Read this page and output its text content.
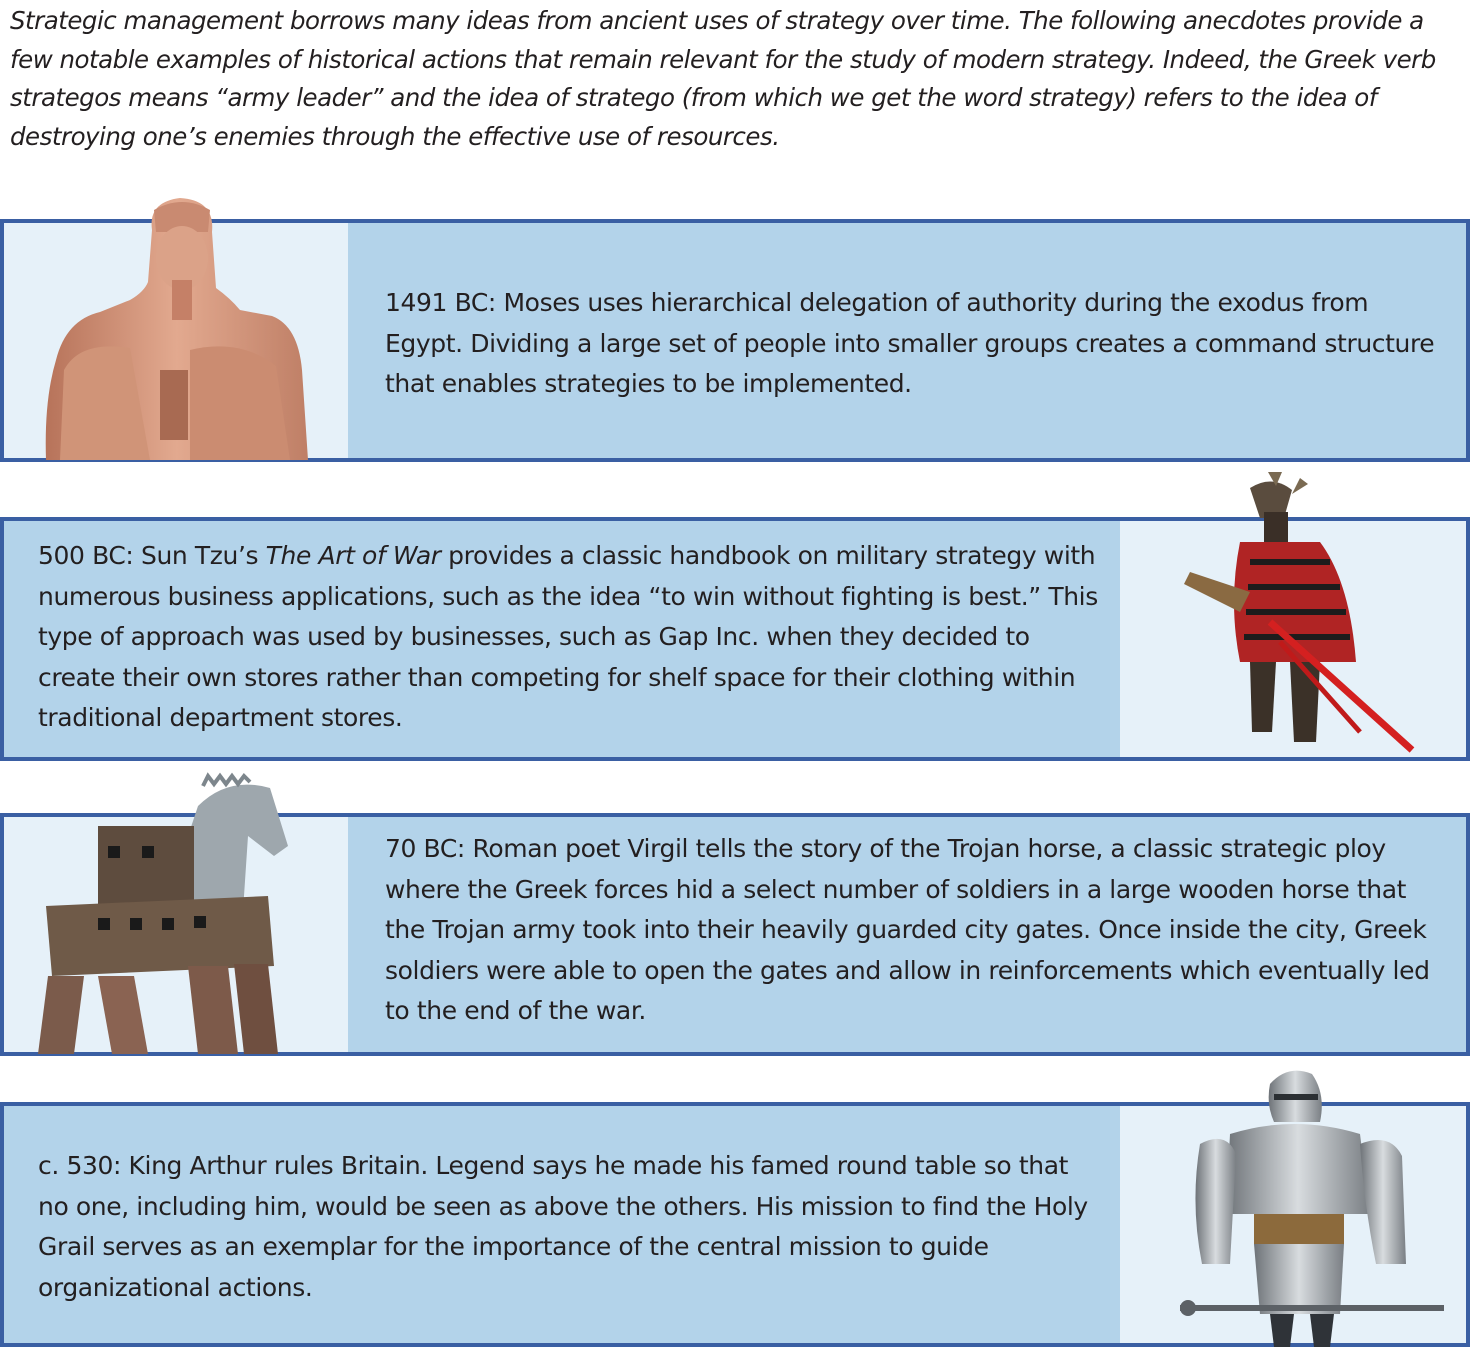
Strategic management borrows many ideas from ancient uses of strategy over time. The following anecdotes provide a few notable examples of historical actions that remain relevant for the study of modern strategy. Indeed, the Greek verb strategos means “army leader” and the idea of stratego (from which we get the word strategy) refers to the idea of destroying one’s enemies through the effective use of resources.

1491 BC: Moses uses hierarchical delegation of authority during the exodus from Egypt. Dividing a large set of people into smaller groups creates a command structure that enables strategies to be implemented.

500 BC: Sun Tzu’s The Art of War provides a classic handbook on military strategy with numerous business applications, such as the idea “to win without fighting is best.” This type of approach was used by businesses, such as Gap Inc. when they decided to create their own stores rather than competing for shelf space for their clothing within traditional department stores.

70 BC: Roman poet Virgil tells the story of the Trojan horse, a classic strategic ploy where the Greek forces hid a select number of soldiers in a large wooden horse that the Trojan army took into their heavily guarded city gates. Once inside the city, Greek soldiers were able to open the gates and allow in reinforcements which eventually led to the end of the war.

c. 530: King Arthur rules Britain. Legend says he made his famed round table so that no one, including him, would be seen as above the others. His mission to find the Holy Grail serves as an exemplar for the importance of the central mission to guide organizational actions.
